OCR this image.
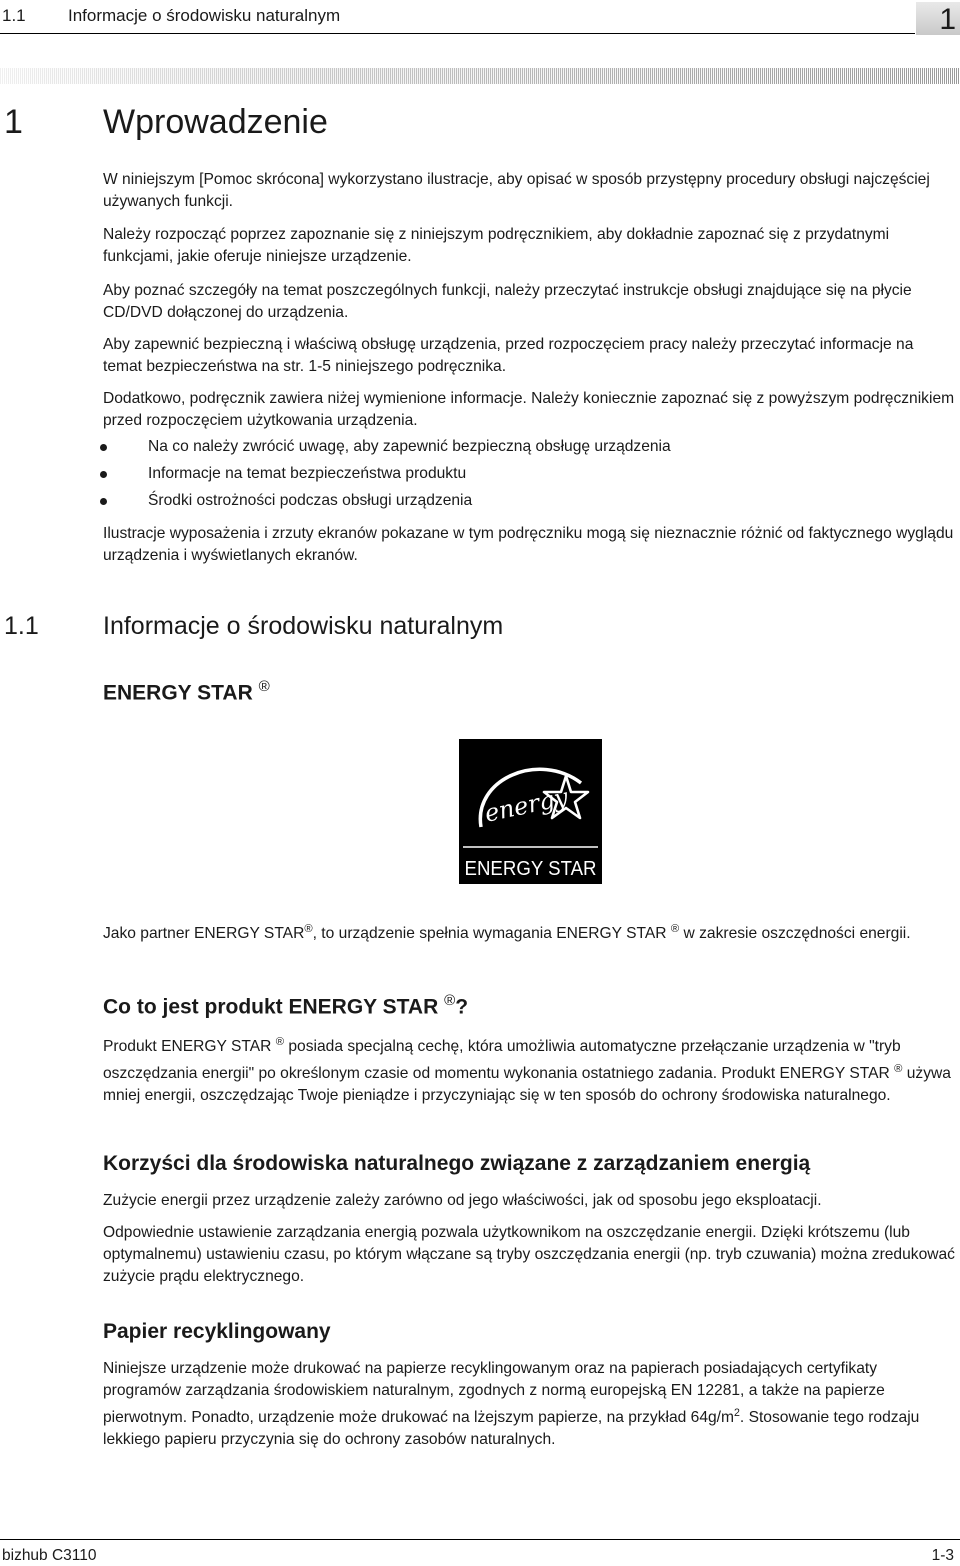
1.1 Informacje o środowisku naturalnym	1
1 Wprowadzenie
W niniejszym [Pomoc skrócona] wykorzystano ilustracje, aby opisać w sposób przystępny procedury obsługi najczęściej używanych funkcji.
Należy rozpocząć poprzez zapoznanie się z niniejszym podręcznikiem, aby dokładnie zapoznać się z przydatnymi funkcjami, jakie oferuje niniejsze urządzenie.
Aby poznać szczegóły na temat poszczególnych funkcji, należy przeczytać instrukcje obsługi znajdujące się na płycie CD/DVD dołączonej do urządzenia.
Aby zapewnić bezpieczną i właściwą obsługę urządzenia, przed rozpoczęciem pracy należy przeczytać informacje na temat bezpieczeństwa na str. 1-5 niniejszego podręcznika.
Dodatkowo, podręcznik zawiera niżej wymienione informacje. Należy koniecznie zapoznać się z powyższym podręcznikiem przed rozpoczęciem użytkowania urządzenia.
Na co należy zwrócić uwagę, aby zapewnić bezpieczną obsługę urządzenia
Informacje na temat bezpieczeństwa produktu
Środki ostrożności podczas obsługi urządzenia
Ilustracje wyposażenia i zrzuty ekranów pokazane w tym podręczniku mogą się nieznacznie różnić od faktycznego wyglądu urządzenia i wyświetlanych ekranów.
1.1	Informacje o środowisku naturalnym
ENERGY STAR ®
energy
ENERGY STAR
Jako partner ENERGY STAR®, to urządzenie spełnia wymagania ENERGY STAR ® w zakresie oszczędności energii.
Co to jest produkt ENERGY STAR ®?
Produkt ENERGY STAR ® posiada specjalną cechę, która umożliwia automatyczne przełączanie urządzenia w "tryb oszczędzania energii" po określonym czasie od momentu wykonania ostatniego zadania. Produkt ENERGY STAR ® używa mniej energii, oszczędzając Twoje pieniądze i przyczyniając się w ten sposób do ochrony środowiska naturalnego.
Korzyści dla środowiska naturalnego związane z zarządzaniem energią
Zużycie energii przez urządzenie zależy zarówno od jego właściwości, jak od sposobu jego eksploatacji.
Odpowiednie ustawienie zarządzania energią pozwala użytkownikom na oszczędzanie energii. Dzięki krótszemu (lub optymalnemu) ustawieniu czasu, po którym włączane są tryby oszczędzania energii (np. tryb czuwania) można zredukować zużycie prądu elektrycznego.
Papier recyklingowany
Niniejsze urządzenie może drukować na papierze recyklingowanym oraz na papierach posiadających certyfikaty programów zarządzania środowiskiem naturalnym, zgodnych z normą europejską EN 12281, a także na papierze pierwotnym. Ponadto, urządzenie może drukować na lżejszym papierze, na przykład $64g/m^2$. Stosowanie tego rodzaju lekkiego papieru przyczynia się do ochrony zasobów naturalnych.
bizhub C3110	1-3
